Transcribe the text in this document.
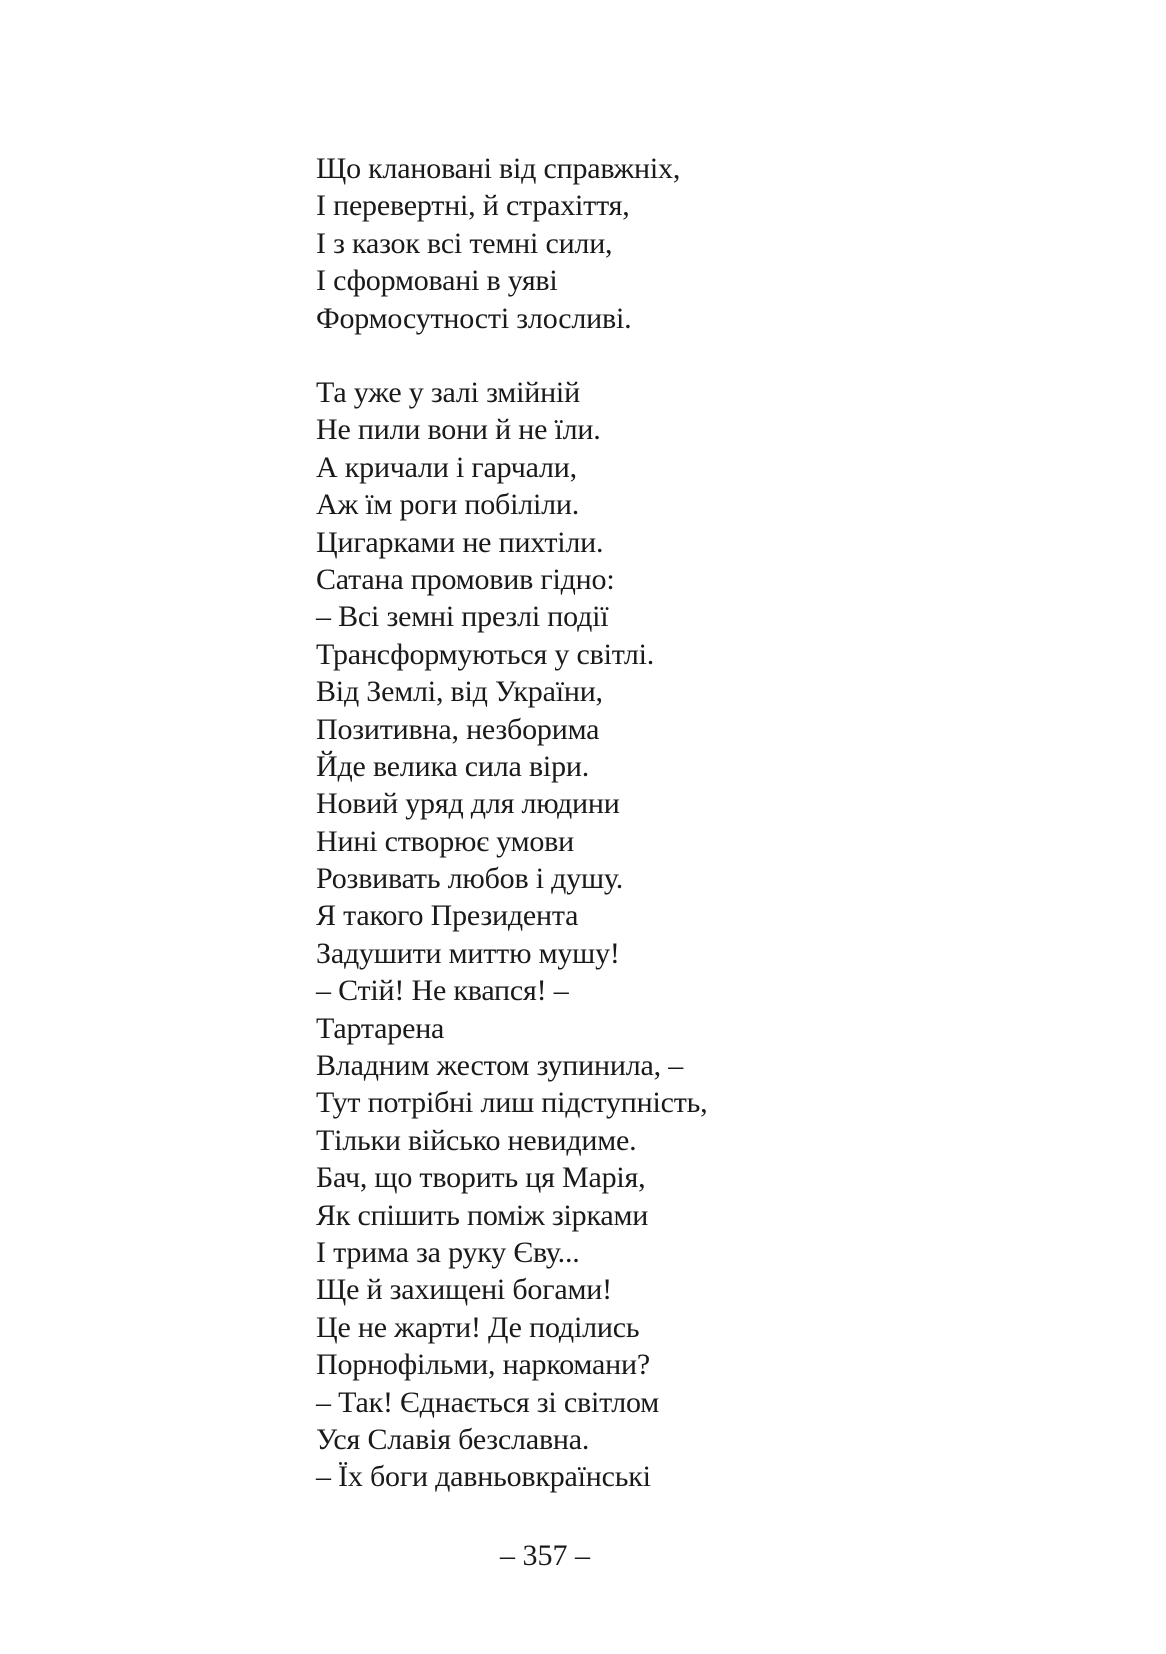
Що клановані від справжніх,
І перевертні, й страхіття,
І з казок всі темні сили,
І сформовані в уяві
Формосутності злосливі.
Та уже у залі змійній
Не пили вони й не їли.
А кричали і гарчали,
Аж їм роги побіліли.
Цигарками не пихтіли.
Сатана промовив гідно:
– Всі земні презлі події
Трансформуються у світлі.
Від Землі, від України,
Позитивна, незборима
Йде велика сила віри.
Новий уряд для людини
Нині створює умови
Розвивать любов і душу.
Я такого Президента
Задушити миттю мушу!
– Стій! Не квапся! –
Тартарена
Владним жестом зупинила, –
Тут потрібні лиш підступність,
Тільки військо невидиме.
Бач, що творить ця Марія,
Як спішить поміж зірками
І трима за руку Єву...
Ще й захищені богами!
Це не жарти! Де поділись
Порнофільми, наркомани?
– Так! Єднається зі світлом
Уся Славія безславна.
– Їх боги давньовкраїнські
– 357 –
